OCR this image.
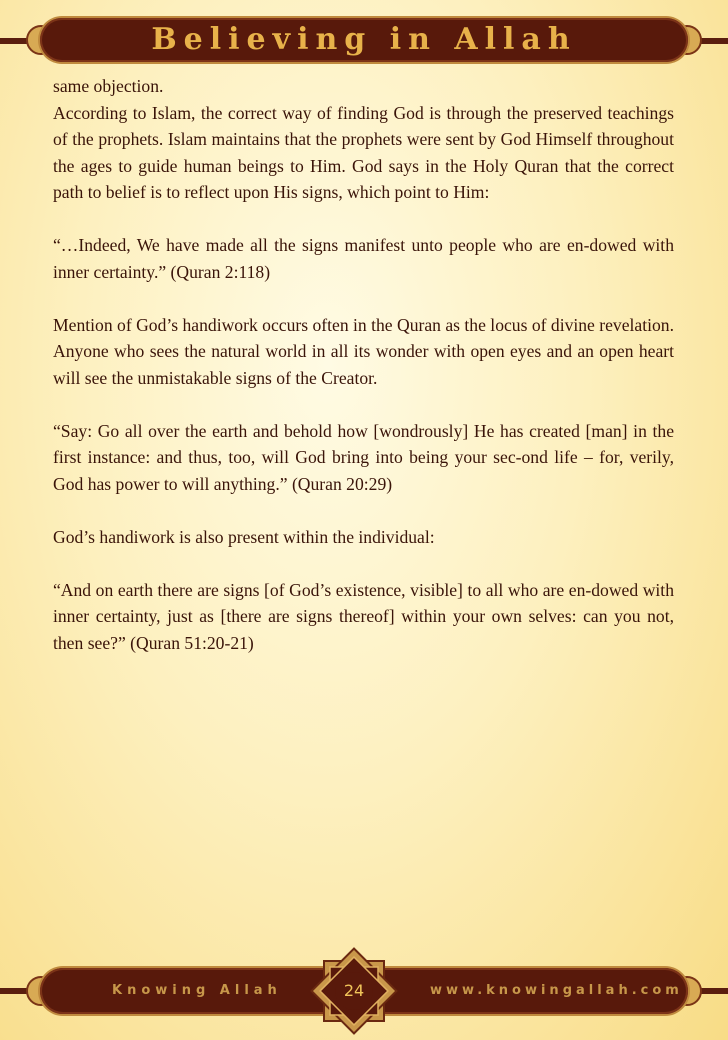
Believing in Allah

same objection.

According to Islam, the correct way of finding God is through the preserved teachings of the prophets. Islam maintains that the prophets were sent by God Himself throughout the ages to guide human beings to Him. God says in the Holy Quran that the correct path to belief is to reflect upon His signs, which point to Him:

“…Indeed, We have made all the signs manifest unto people who are en-dowed with inner certainty.” (Quran 2:118)

Mention of God’s handiwork occurs often in the Quran as the locus of divine revelation. Anyone who sees the natural world in all its wonder with open eyes and an open heart will see the unmistakable signs of the Creator.

“Say: Go all over the earth and behold how [wondrously] He has created [man] in the first instance: and thus, too, will God bring into being your sec-ond life – for, verily, God has power to will anything.” (Quran 20:29)

God’s handiwork is also present within the individual:

“And on earth there are signs [of God’s existence, visible] to all who are en-dowed with inner certainty, just as [there are signs thereof] within your own selves: can you not, then see?” (Quran 51:20-21)

Knowing Allah	www.knowingallah.com
24
